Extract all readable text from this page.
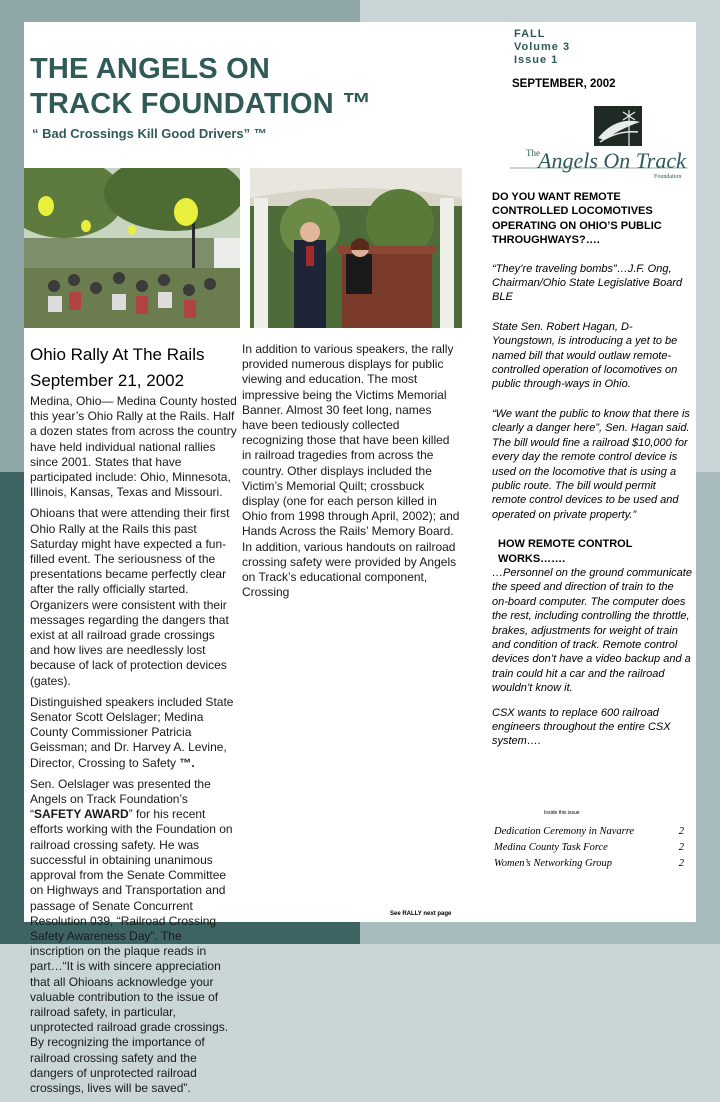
THE ANGELS ON
TRACK FOUNDATION ™
“ Bad Crossings Kill Good Drivers” ™
FALL
Volume 3
Issue 1
SEPTEMBER, 2002
The
Angels On Track
Foundation
Ohio Rally At The Rails
September 21, 2002

Medina, Ohio— Medina County hosted this year’s Ohio Rally at the Rails. Half a dozen states from across the country have held individual national rallies since 2001. States that have participated include: Ohio, Minnesota, Illinois, Kansas, Texas and Missouri.

Ohioans that were attending their first Ohio Rally at the Rails this past Saturday might have expected a fun-filled event. The seriousness of the presentations became perfectly clear after the rally officially started. Organizers were consistent with their messages regarding the dangers that exist at all railroad grade crossings and how lives are needlessly lost because of lack of protection devices (gates).

Distinguished speakers included State Senator Scott Oelslager; Medina County Commissioner Patricia Geissman; and Dr. Harvey A. Levine, Director, Crossing to Safety ™.

Sen. Oelslager was presented the Angels on Track Foundation’s “SAFETY AWARD” for his recent efforts working with the Foundation on railroad crossing safety. He was successful in obtaining unanimous approval from the Senate Committee on Highways and Transportation and passage of Senate Concurrent Resolution 039, “Railroad Crossing Safety Awareness Day”. The inscription on the plaque reads in part…“It is with sincere appreciation that all Ohioans acknowledge your valuable contribution to the issue of railroad safety, in particular, unprotected railroad grade crossings. By recognizing the importance of railroad crossing safety and the dangers of unprotected railroad crossings, lives will be saved”.

In addition to various speakers, the rally provided numerous displays for public viewing and education. The most impressive being the Victims Memorial Banner. Almost 30 feet long, names have been tediously collected recognizing those that have been killed in railroad tragedies from across the country. Other displays included the Victim’s Memorial Quilt; crossbuck display (one for each person killed in Ohio from 1998 through April, 2002); and Hands Across the Rails’ Memory Board. In addition, various handouts on railroad crossing safety were provided by Angels on Track’s educational component, Crossing

See RALLY next page

DO YOU WANT REMOTE CONTROLLED LOCOMOTIVES OPERATING ON OHIO’S PUBLIC THROUGHWAYS?….

“They’re traveling bombs”…J.F. Ong, Chairman/Ohio State Legislative Board BLE

State Sen. Robert Hagan, D-Youngstown, is introducing a yet to be named bill that would outlaw remote-controlled operation of locomotives on public through-ways in Ohio.

“We want the public to know that there is clearly a danger here”, Sen. Hagan said. The bill would fine a railroad $10,000 for every day the remote control device is used on the locomotive that is using a public route. The bill would permit remote control devices to be used and operated on private property.”

HOW REMOTE CONTROL WORKS…….

…Personnel on the ground communicate the speed and direction of train to the on-board computer. The computer does the rest, including controlling the throttle, brakes, adjustments for weight of train and condition of track. Remote control devices don’t have a video backup and a train could hit a car and the railroad wouldn’t know it.

CSX wants to replace 600 railroad engineers throughout the entire CSX system….

Inside this issue
Dedication Ceremony in Navarre	2
Medina County Task Force	2
Women’s Networking Group	2
